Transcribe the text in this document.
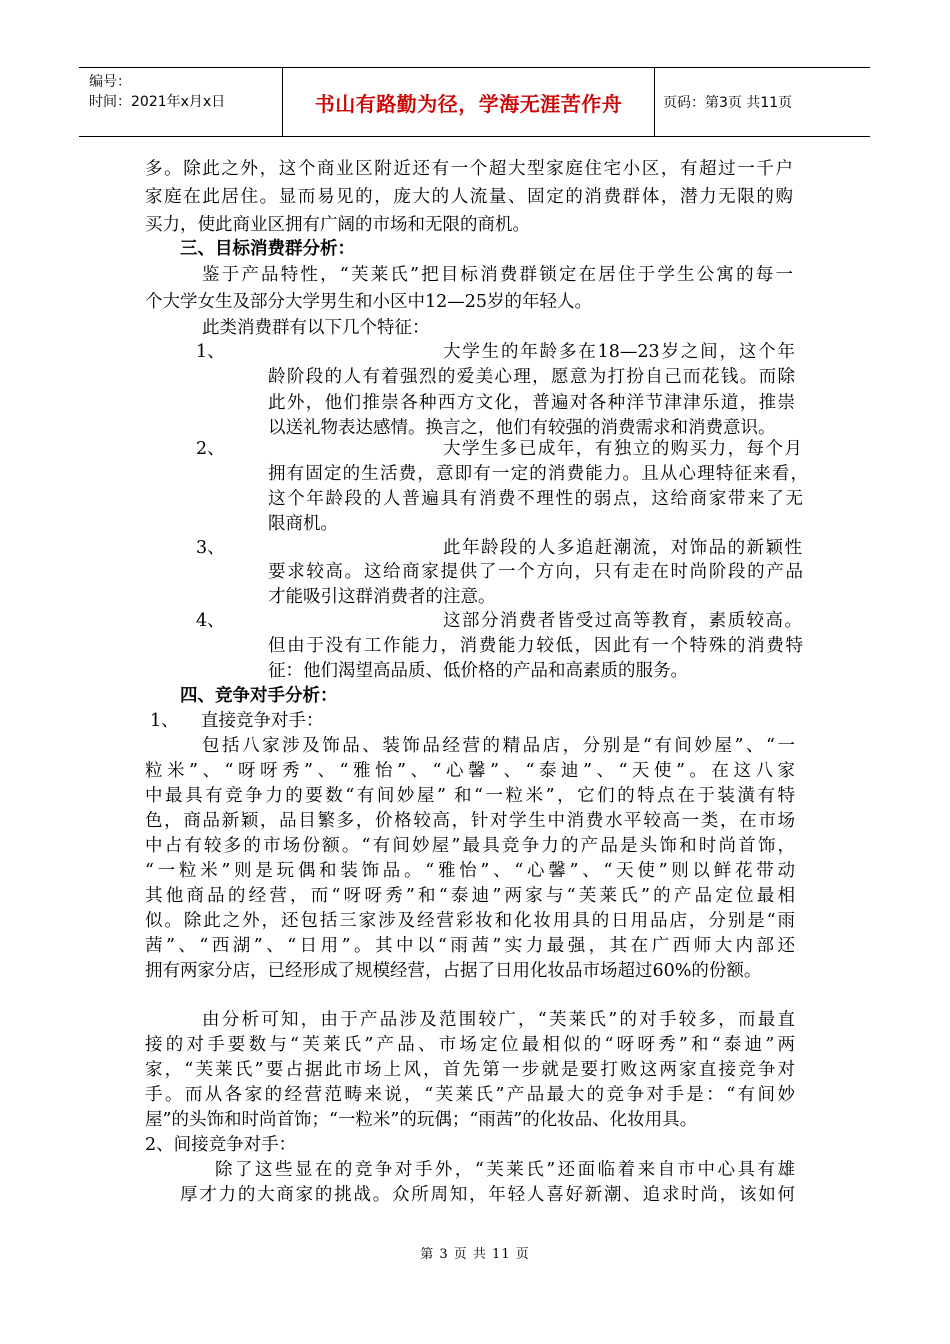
编号：
时间：2021年x月x日	书山有路勤为径，学海无涯苦作舟	页码：第3页 共11页
多。除此之外，这个商业区附近还有一个超大型家庭住宅小区，有超过一千户
家庭在此居住。显而易见的，庞大的人流量、固定的消费群体，潜力无限的购
买力，使此商业区拥有广阔的市场和无限的商机。
三、目标消费群分析：
鉴于产品特性，“芙莱氏”把目标消费群锁定在居住于学生公寓的每一
个大学女生及部分大学男生和小区中12—25岁的年轻人。
此类消费群有以下几个特征：
1、	大学生的年龄多在18—23岁之间，这个年
龄阶段的人有着强烈的爱美心理，愿意为打扮自己而花钱。而除
此外，他们推崇各种西方文化，普遍对各种洋节津津乐道，推崇
以送礼物表达感情。换言之，他们有较强的消费需求和消费意识。
2、	大学生多已成年，有独立的购买力，每个月
拥有固定的生活费，意即有一定的消费能力。且从心理特征来看，
这个年龄段的人普遍具有消费不理性的弱点，这给商家带来了无
限商机。
3、	此年龄段的人多追赶潮流，对饰品的新颖性
要求较高。这给商家提供了一个方向，只有走在时尚阶段的产品
才能吸引这群消费者的注意。
4、	这部分消费者皆受过高等教育，素质较高。
但由于没有工作能力，消费能力较低，因此有一个特殊的消费特
征：他们渴望高品质、低价格的产品和高素质的服务。
四、竞争对手分析：
1、    直接竞争对手：
包括八家涉及饰品、装饰品经营的精品店，分别是“有间妙屋”、“一
粒米”、“呀呀秀”、“雅怡”、“心馨”、“泰迪”、“天使”。在这八家
中最具有竞争力的要数“有间妙屋” 和“一粒米”，它们的特点在于装潢有特
色，商品新颖，品目繁多，价格较高，针对学生中消费水平较高一类，在市场
中占有较多的市场份额。“有间妙屋”最具竞争力的产品是头饰和时尚首饰，
“一粒米”则是玩偶和装饰品。“雅怡”、“心馨”、“天使”则以鲜花带动
其他商品的经营，而“呀呀秀”和“泰迪”两家与“芙莱氏”的产品定位最相
似。除此之外，还包括三家涉及经营彩妆和化妆用具的日用品店，分别是“雨
茜”、“西湖”、“日用”。其中以“雨茜”实力最强，其在广西师大内部还
拥有两家分店，已经形成了规模经营，占据了日用化妆品市场超过60%的份额。
由分析可知，由于产品涉及范围较广，“芙莱氏”的对手较多，而最直
接的对手要数与“芙莱氏”产品、市场定位最相似的“呀呀秀”和“泰迪”两
家，“芙莱氏”要占据此市场上风，首先第一步就是要打败这两家直接竞争对
手。而从各家的经营范畴来说，“芙莱氏”产品最大的竞争对手是：“有间妙
屋”的头饰和时尚首饰；“一粒米”的玩偶；“雨茜”的化妆品、化妆用具。
2、间接竞争对手：
除了这些显在的竞争对手外，“芙莱氏”还面临着来自市中心具有雄
厚才力的大商家的挑战。众所周知，年轻人喜好新潮、追求时尚，该如何
第 3 页 共 11 页
